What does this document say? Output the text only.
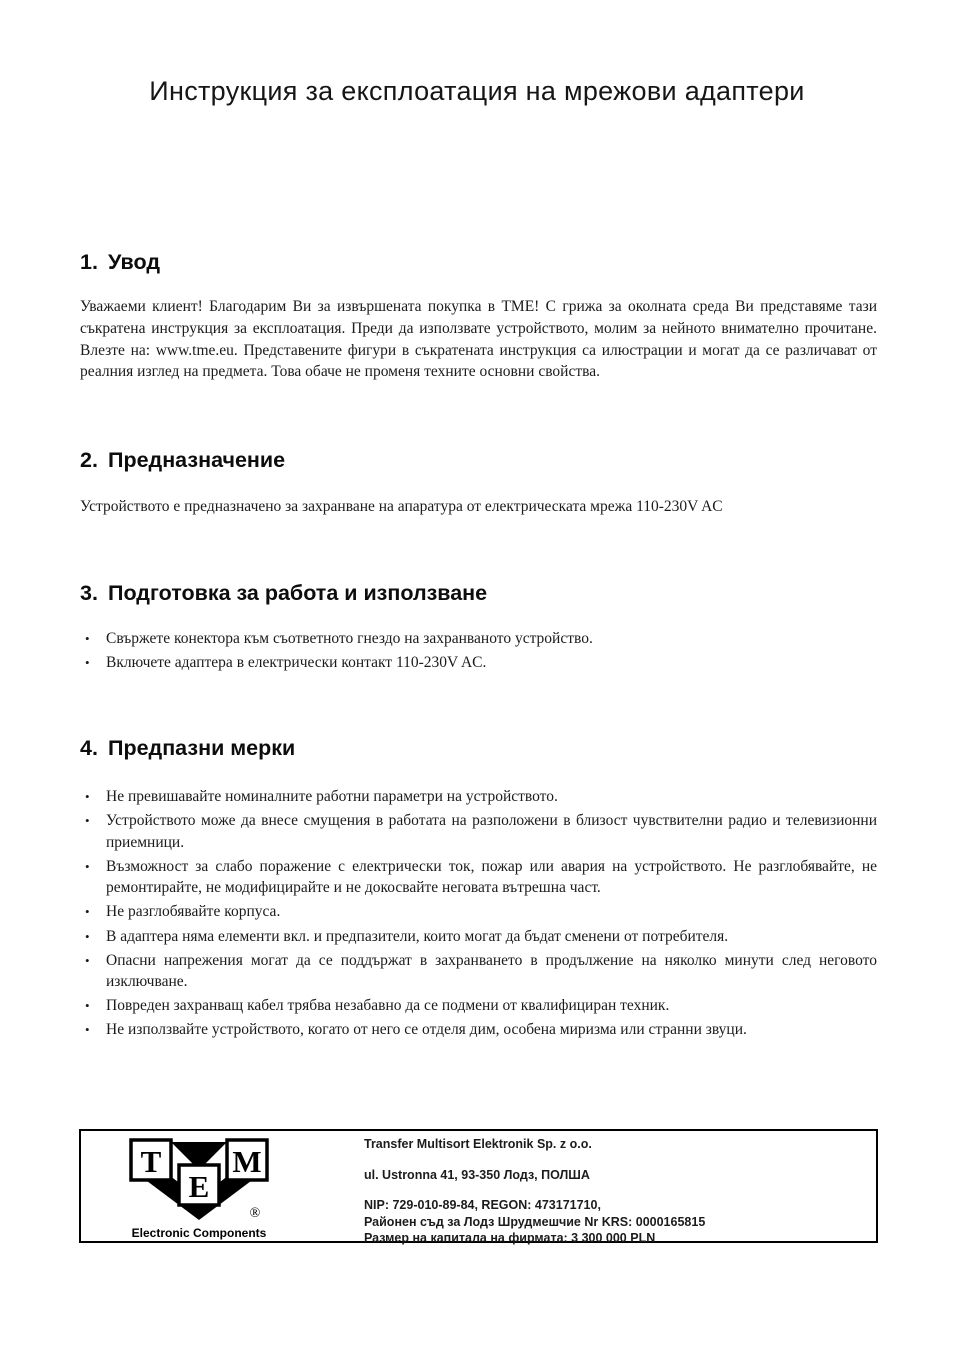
Инструкция за експлоатация на мрежови адаптери
1. Увод
Уважаеми клиент! Благодарим Ви за извършената покупка в TME! С грижа за околната среда Ви представяме тази съкратена инструкция за експлоатация. Преди да използвате устройството, молим за нейното внимателно прочитане. Влезте на: www.tme.eu. Представените фигури в съкратената инструкция са илюстрации и могат да се различават от реалния изглед на предмета. Това обаче не променя техните основни свойства.
2. Предназначение
Устройството е предназначено за захранване на апаратура от електрическата мрежа 110-230V AC
3. Подготовка за работа и използване
• Свържете конектора към съответното гнездо на захранваното устройство.
• Включете адаптера в електрически контакт 110-230V AC.
4. Предпазни мерки
• Не превишавайте номиналните работни параметри на устройството.
• Устройството може да внесе смущения в работата на разположени в близост чувствителни радио и телевизионни приемници.
• Възможност за слабо поражение с електрически ток, пожар или авария на устройството. Не разглобявайте, не ремонтирайте, не модифицирайте и не докосвайте неговата вътрешна част.
• Не разглобявайте корпуса.
• В адаптера няма елементи вкл. и предпазители, които могат да бъдат сменени от потребителя.
• Опасни напрежения могат да се поддържат в захранването в продължение на няколко минути след неговото изключване.
• Повреден захранващ кабел трябва незабавно да се подмени от квалифициран техник.
• Не използвайте устройството, когато от него се отделя дим, особена миризма или странни звуци.
T M
E
®
Electronic Components
Transfer Multisort Elektronik Sp. z o.o.
ul. Ustronna 41, 93-350 Лодз, ПОЛША
NIP: 729-010-89-84, REGON: 473171710,
Районен съд за Лодз Шрудмешчие Nr KRS: 0000165815
Размер на капитала на фирмата: 3 300 000 PLN
